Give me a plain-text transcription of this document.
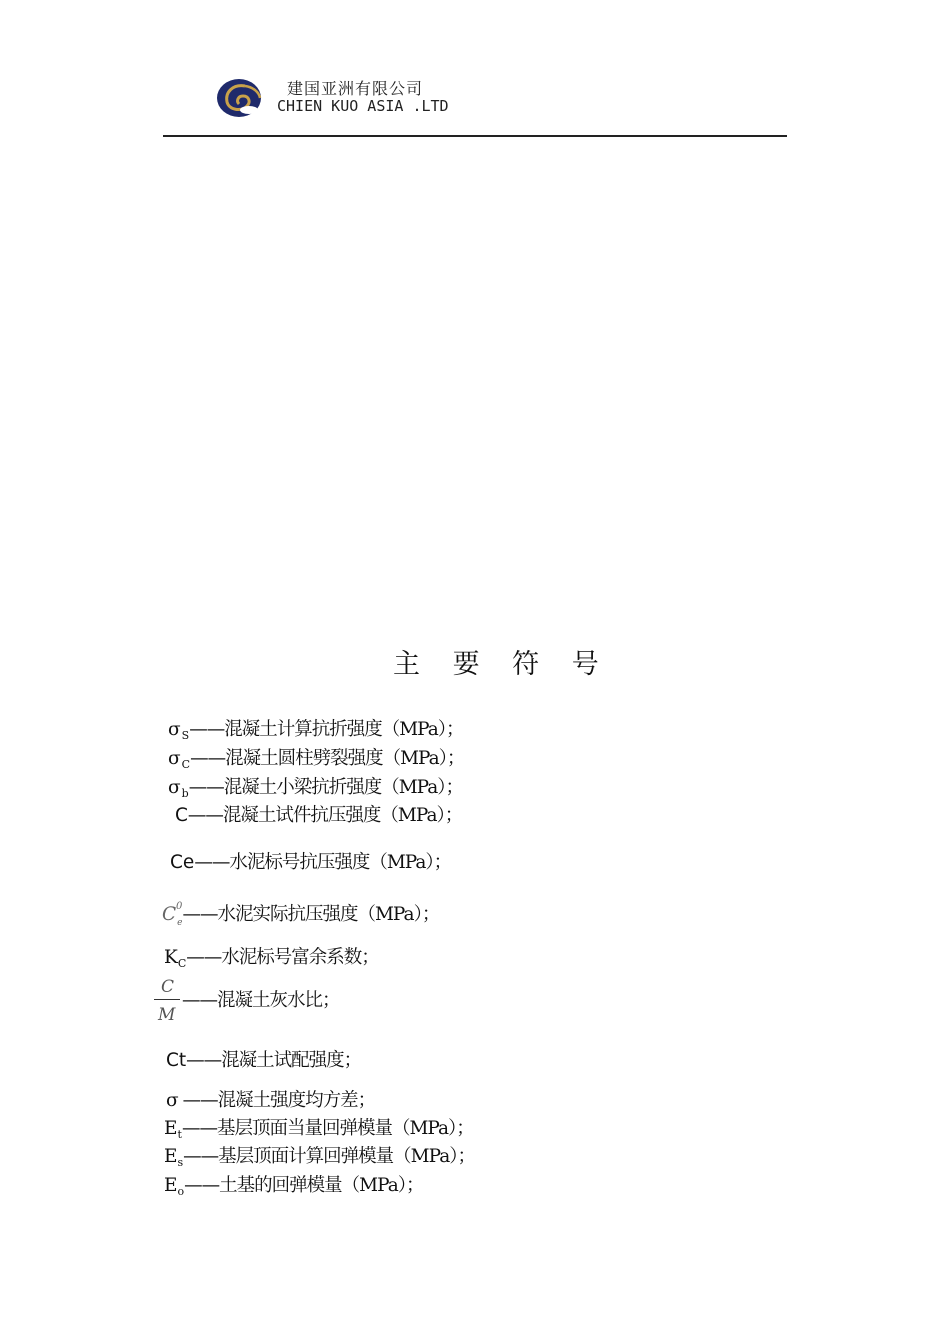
建国亚洲有限公司
CHIEN KUO ASIA .LTD
主 要 符 号
$\sigma_S——$混凝土计算抗折强度（MPa）；
$\sigma_C——$混凝土圆柱劈裂强度（MPa）；
$\sigma_b——$混凝土小梁抗折强度（MPa）；
C——混凝土试件抗压强度（MPa）；
Ce——水泥标号抗压强度（MPa）；
$C_e$
0 ——水泥实际抗压强度（MPa）；
$K_C——$水泥标号富余系数；
C
M
——混凝土灰水比；
Ct——混凝土试配强度；
σ ——混凝土强度均方差；
$E_t——$基层顶面当量回弹模量（MPa）；
$E_s——$基层顶面计算回弹模量（MPa）；
$E_o——$土基的回弹模量（MPa）；
